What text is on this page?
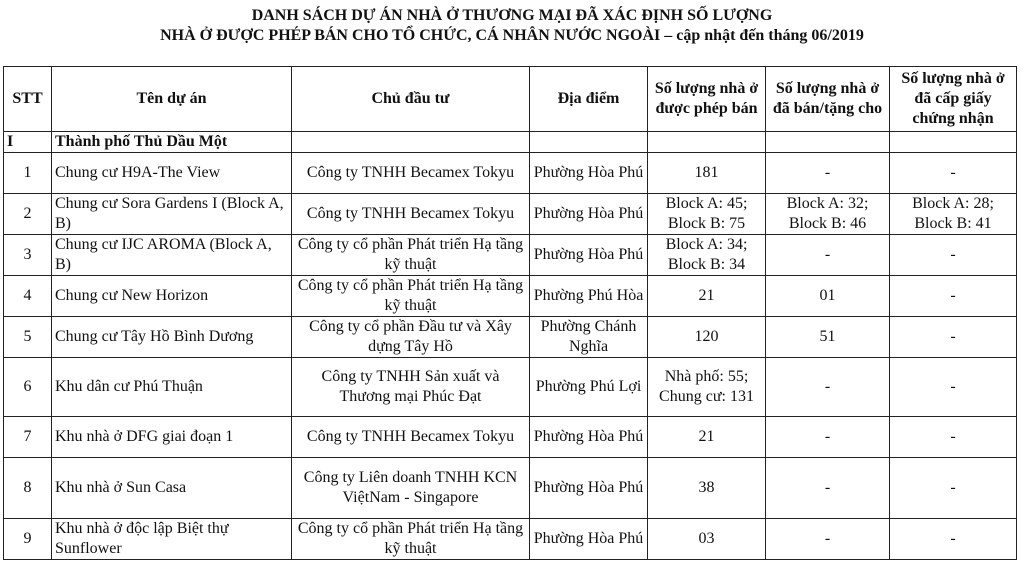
DANH SÁCH DỰ ÁN NHÀ Ở THƯƠNG MẠI ĐÃ XÁC ĐỊNH SỐ LƯỢNG
NHÀ Ở ĐƯỢC PHÉP BÁN CHO TỔ CHỨC, CÁ NHÂN NƯỚC NGOÀI – cập nhật đến tháng 06/2019
STT	Tên dự án	Chủ đầu tư	Địa điểm	Số lượng nhà ở được phép bán	Số lượng nhà ở đã bán/tặng cho	Số lượng nhà ở đã cấp giấy chứng nhận
I	Thành phố Thủ Dầu Một					
1	Chung cư H9A-The View	Công ty TNHH Becamex Tokyu	Phường Hòa Phú	181	-	-
2	Chung cư Sora Gardens I (Block A, B)	Công ty TNHH Becamex Tokyu	Phường Hòa Phú	Block A: 45; Block B: 75	Block A: 32; Block B: 46	Block A: 28; Block B: 41
3	Chung cư IJC AROMA (Block A, B)	Công ty cổ phần Phát triển Hạ tầng kỹ thuật	Phường Hòa Phú	Block A: 34; Block B: 34	-	-
4	Chung cư New Horizon	Công ty cổ phần Phát triển Hạ tầng kỹ thuật	Phường Phú Hòa	21	01	-
5	Chung cư Tây Hồ Bình Dương	Công ty cổ phần Đầu tư và Xây dựng Tây Hồ	Phường Chánh Nghĩa	120	51	-
6	Khu dân cư Phú Thuận	Công ty TNHH Sản xuất và Thương mại Phúc Đạt	Phường Phú Lợi	Nhà phố: 55; Chung cư: 131	-	-
7	Khu nhà ở DFG giai đoạn 1	Công ty TNHH Becamex Tokyu	Phường Hòa Phú	21	-	-
8	Khu nhà ở Sun Casa	Công ty Liên doanh TNHH KCN ViệtNam - Singapore	Phường Hòa Phú	38	-	-
9	Khu nhà ở độc lập Biệt thự Sunflower	Công ty cổ phần Phát triển Hạ tầng kỹ thuật	Phường Hòa Phú	03	-	-
